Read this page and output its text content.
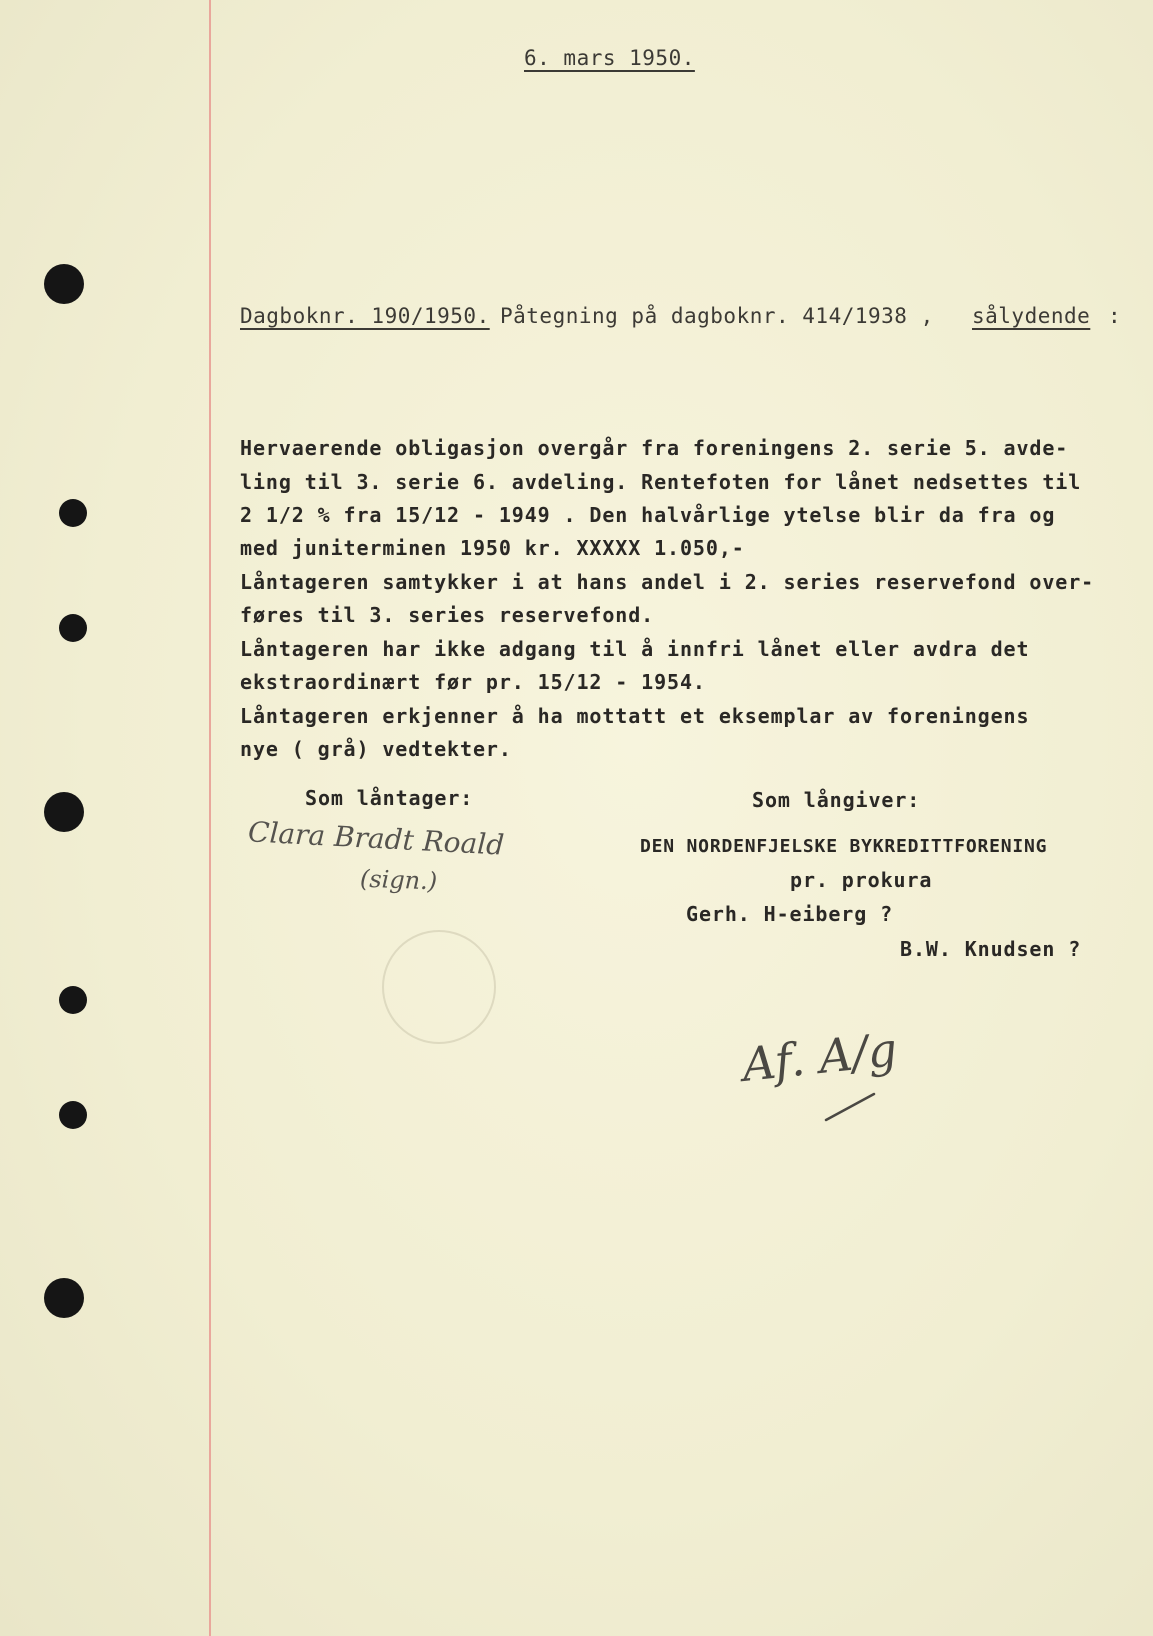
6. mars 1950.
Dagboknr. 190/1950. Påtegning på dagboknr. 414/1938 , sålydende :
Hervaerende obligasjon overgår fra foreningens 2. serie 5. avde-
ling til 3. serie 6. avdeling. Rentefoten for lånet nedsettes til
2 1/2 % fra 15/12 - 1949 . Den halvårlige ytelse blir da fra og
med juniterminen 1950 kr. XXXXX 1.050,-
Låntageren samtykker i at hans andel i 2. series reservefond over-
føres til 3. series reservefond.
Låntageren har ikke adgang til å innfri lånet eller avdra det
ekstraordinært før pr. 15/12 - 1954.
Låntageren erkjenner å ha mottatt et eksemplar av foreningens
nye ( grå) vedtekter.
Som låntager:	Som långiver:
Clara Bradt Roald
(sign.)
DEN NORDENFJELSKE BYKREDITTFORENING
pr. prokura
Gerh. H-eiberg ?
B.W. Knudsen ?
Af. A/g
